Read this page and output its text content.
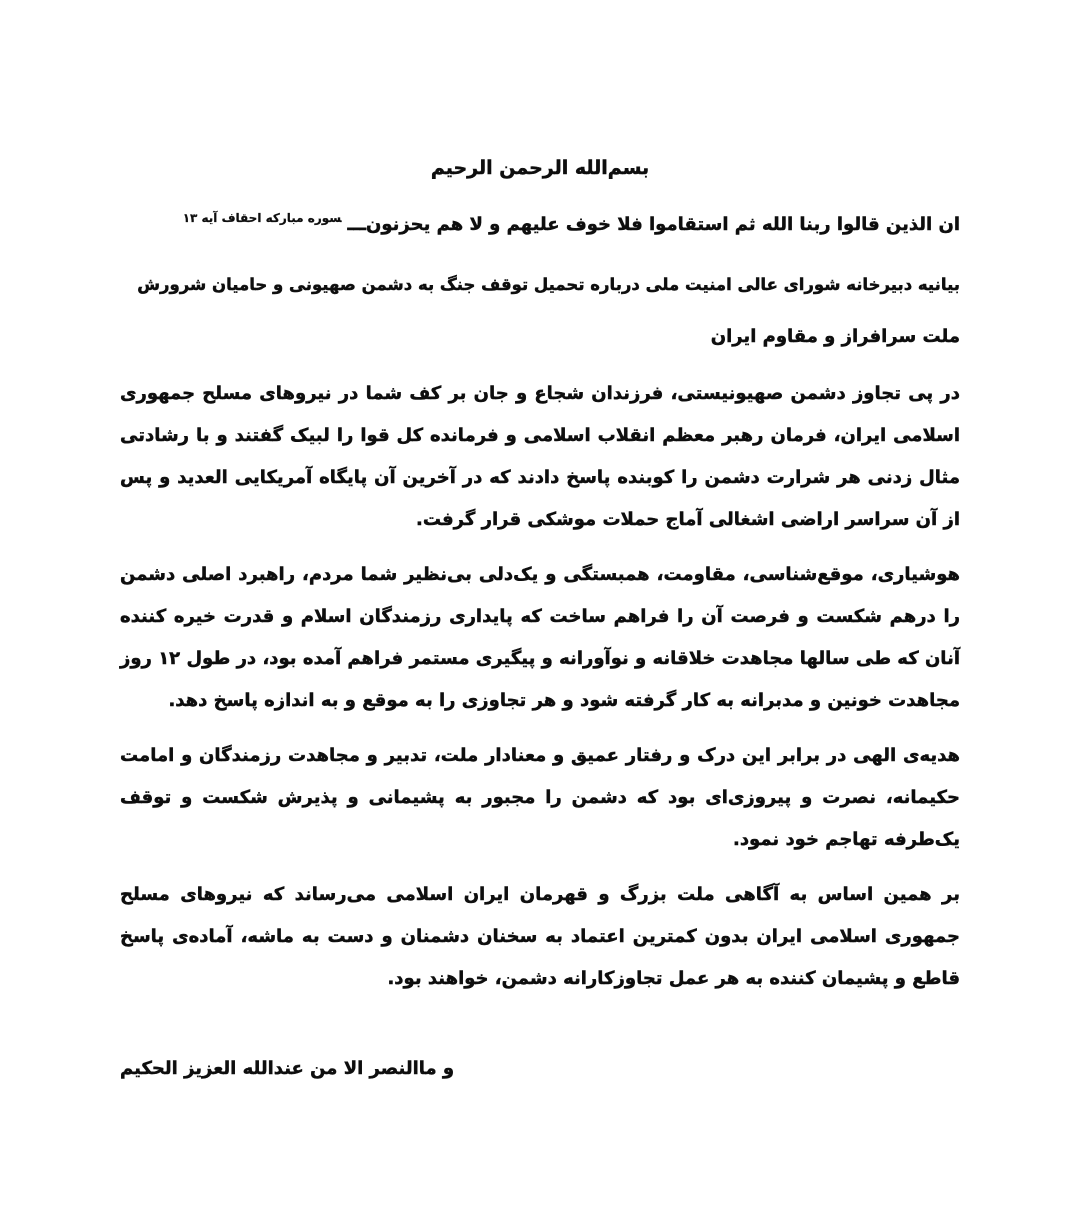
بسم‌الله الرحمن الرحیم
ان الذین قالوا ربنا الله ثم استقاموا فلا خوف علیهم و لا هم یحزنون‌ـــ$^{سوره مبارکه احقاف آیه ۱۳}$
بیانیه دبیرخانه شورای عالی امنیت ملی درباره تحمیل توقف جنگ به دشمن صهیونی و حامیان شرورش
ملت سرافراز و مقاوم ایران

در پی تجاوز دشمن صهیونیستی، فرزندان شجاع و جان بر کف شما در نیروهای مسلح جمهوری اسلامی ایران، فرمان رهبر معظم انقلاب اسلامی و فرمانده کل قوا را لبیک گفتند و با رشادتی مثال زدنی هر شرارت دشمن را کوبنده پاسخ دادند که در آخرین آن پایگاه آمریکایی العدید و پس از آن سراسر اراضی اشغالی آماج حملات موشکی قرار گرفت.

هوشیاری، موقع‌شناسی، مقاومت، همبستگی و یک‌دلی بی‌نظیر شما مردم، راهبرد اصلی دشمن را درهم شکست و فرصت آن را فراهم ساخت که پایداری رزمندگان اسلام و قدرت خیره کننده آنان که طی سالها مجاهدت خلاقانه و نوآورانه و پیگیری مستمر فراهم آمده بود، در طول ۱۲ روز مجاهدت خونین و مدبرانه به کار گرفته شود و هر تجاوزی را به موقع و به اندازه پاسخ دهد.

هدیه‌ی الهی در برابر این درک و رفتار عمیق و معنادار ملت، تدبیر و مجاهدت رزمندگان و امامت حکیمانه، نصرت و پیروزی‌ای بود که دشمن را مجبور به پشیمانی و پذیرش شکست و توقف یک‌طرفه تهاجم خود نمود.

بر همین اساس به آگاهی ملت بزرگ و قهرمان ایران اسلامی می‌رساند که نیروهای مسلح جمهوری اسلامی ایران بدون کمترین اعتماد به سخنان دشمنان و دست به ماشه، آماده‌ی پاسخ قاطع و پشیمان کننده به هر عمل تجاوزکارانه دشمن، خواهند بود.

و ماالنصر الا من عندالله العزیز الحکیم
